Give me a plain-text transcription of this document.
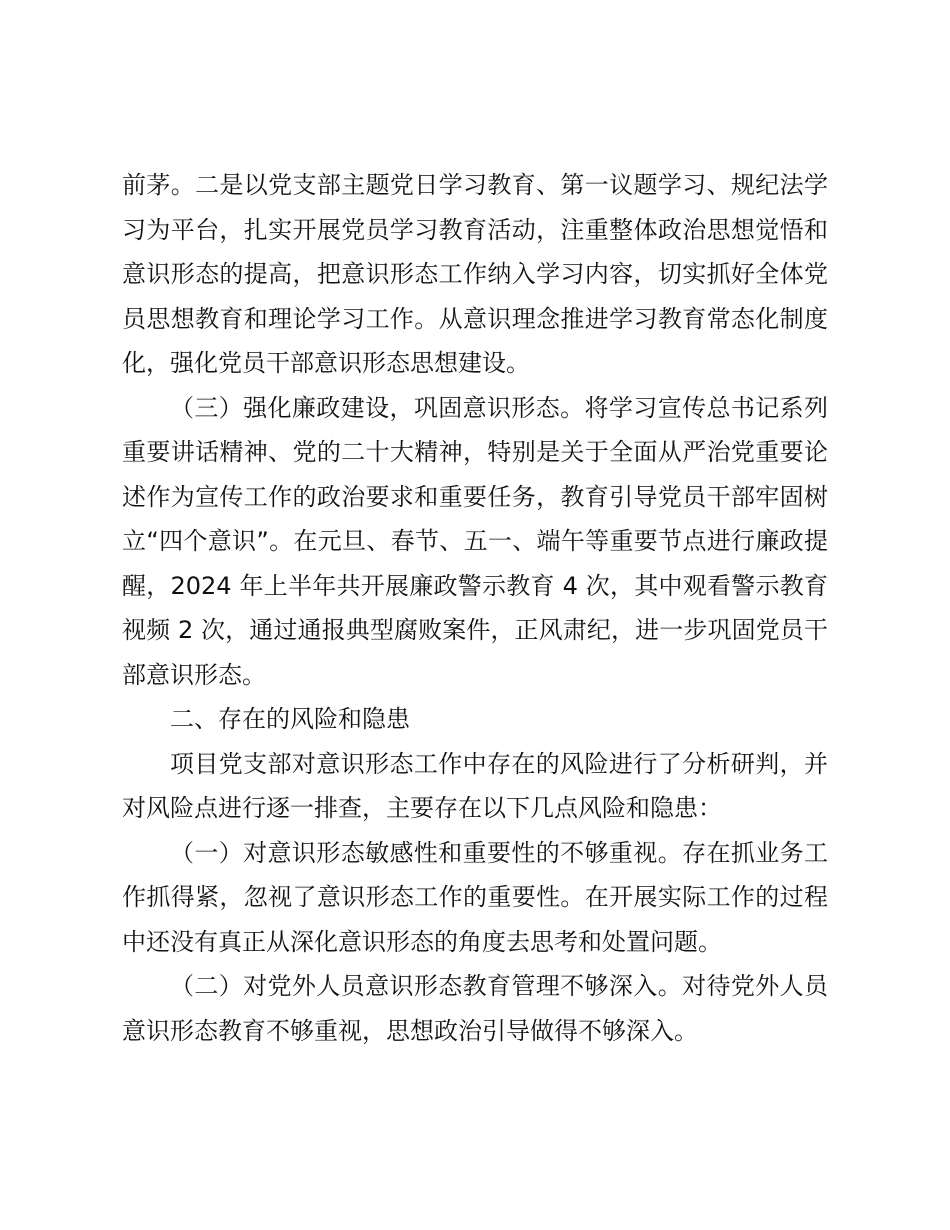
前茅。二是以党支部主题党日学习教育、第一议题学习、规纪法学习为平台，扎实开展党员学习教育活动，注重整体政治思想觉悟和意识形态的提高，把意识形态工作纳入学习内容，切实抓好全体党员思想教育和理论学习工作。从意识理念推进学习教育常态化制度化，强化党员干部意识形态思想建设。

（三）强化廉政建设，巩固意识形态。将学习宣传总书记系列重要讲话精神、党的二十大精神，特别是关于全面从严治党重要论述作为宣传工作的政治要求和重要任务，教育引导党员干部牢固树立“四个意识”。在元旦、春节、五一、端午等重要节点进行廉政提醒，2024 年上半年共开展廉政警示教育 4 次，其中观看警示教育视频 2 次，通过通报典型腐败案件，正风肃纪，进一步巩固党员干部意识形态。

二、存在的风险和隐患

项目党支部对意识形态工作中存在的风险进行了分析研判，并对风险点进行逐一排查，主要存在以下几点风险和隐患：

（一）对意识形态敏感性和重要性的不够重视。存在抓业务工作抓得紧，忽视了意识形态工作的重要性。在开展实际工作的过程中还没有真正从深化意识形态的角度去思考和处置问题。

（二）对党外人员意识形态教育管理不够深入。对待党外人员意识形态教育不够重视，思想政治引导做得不够深入。
